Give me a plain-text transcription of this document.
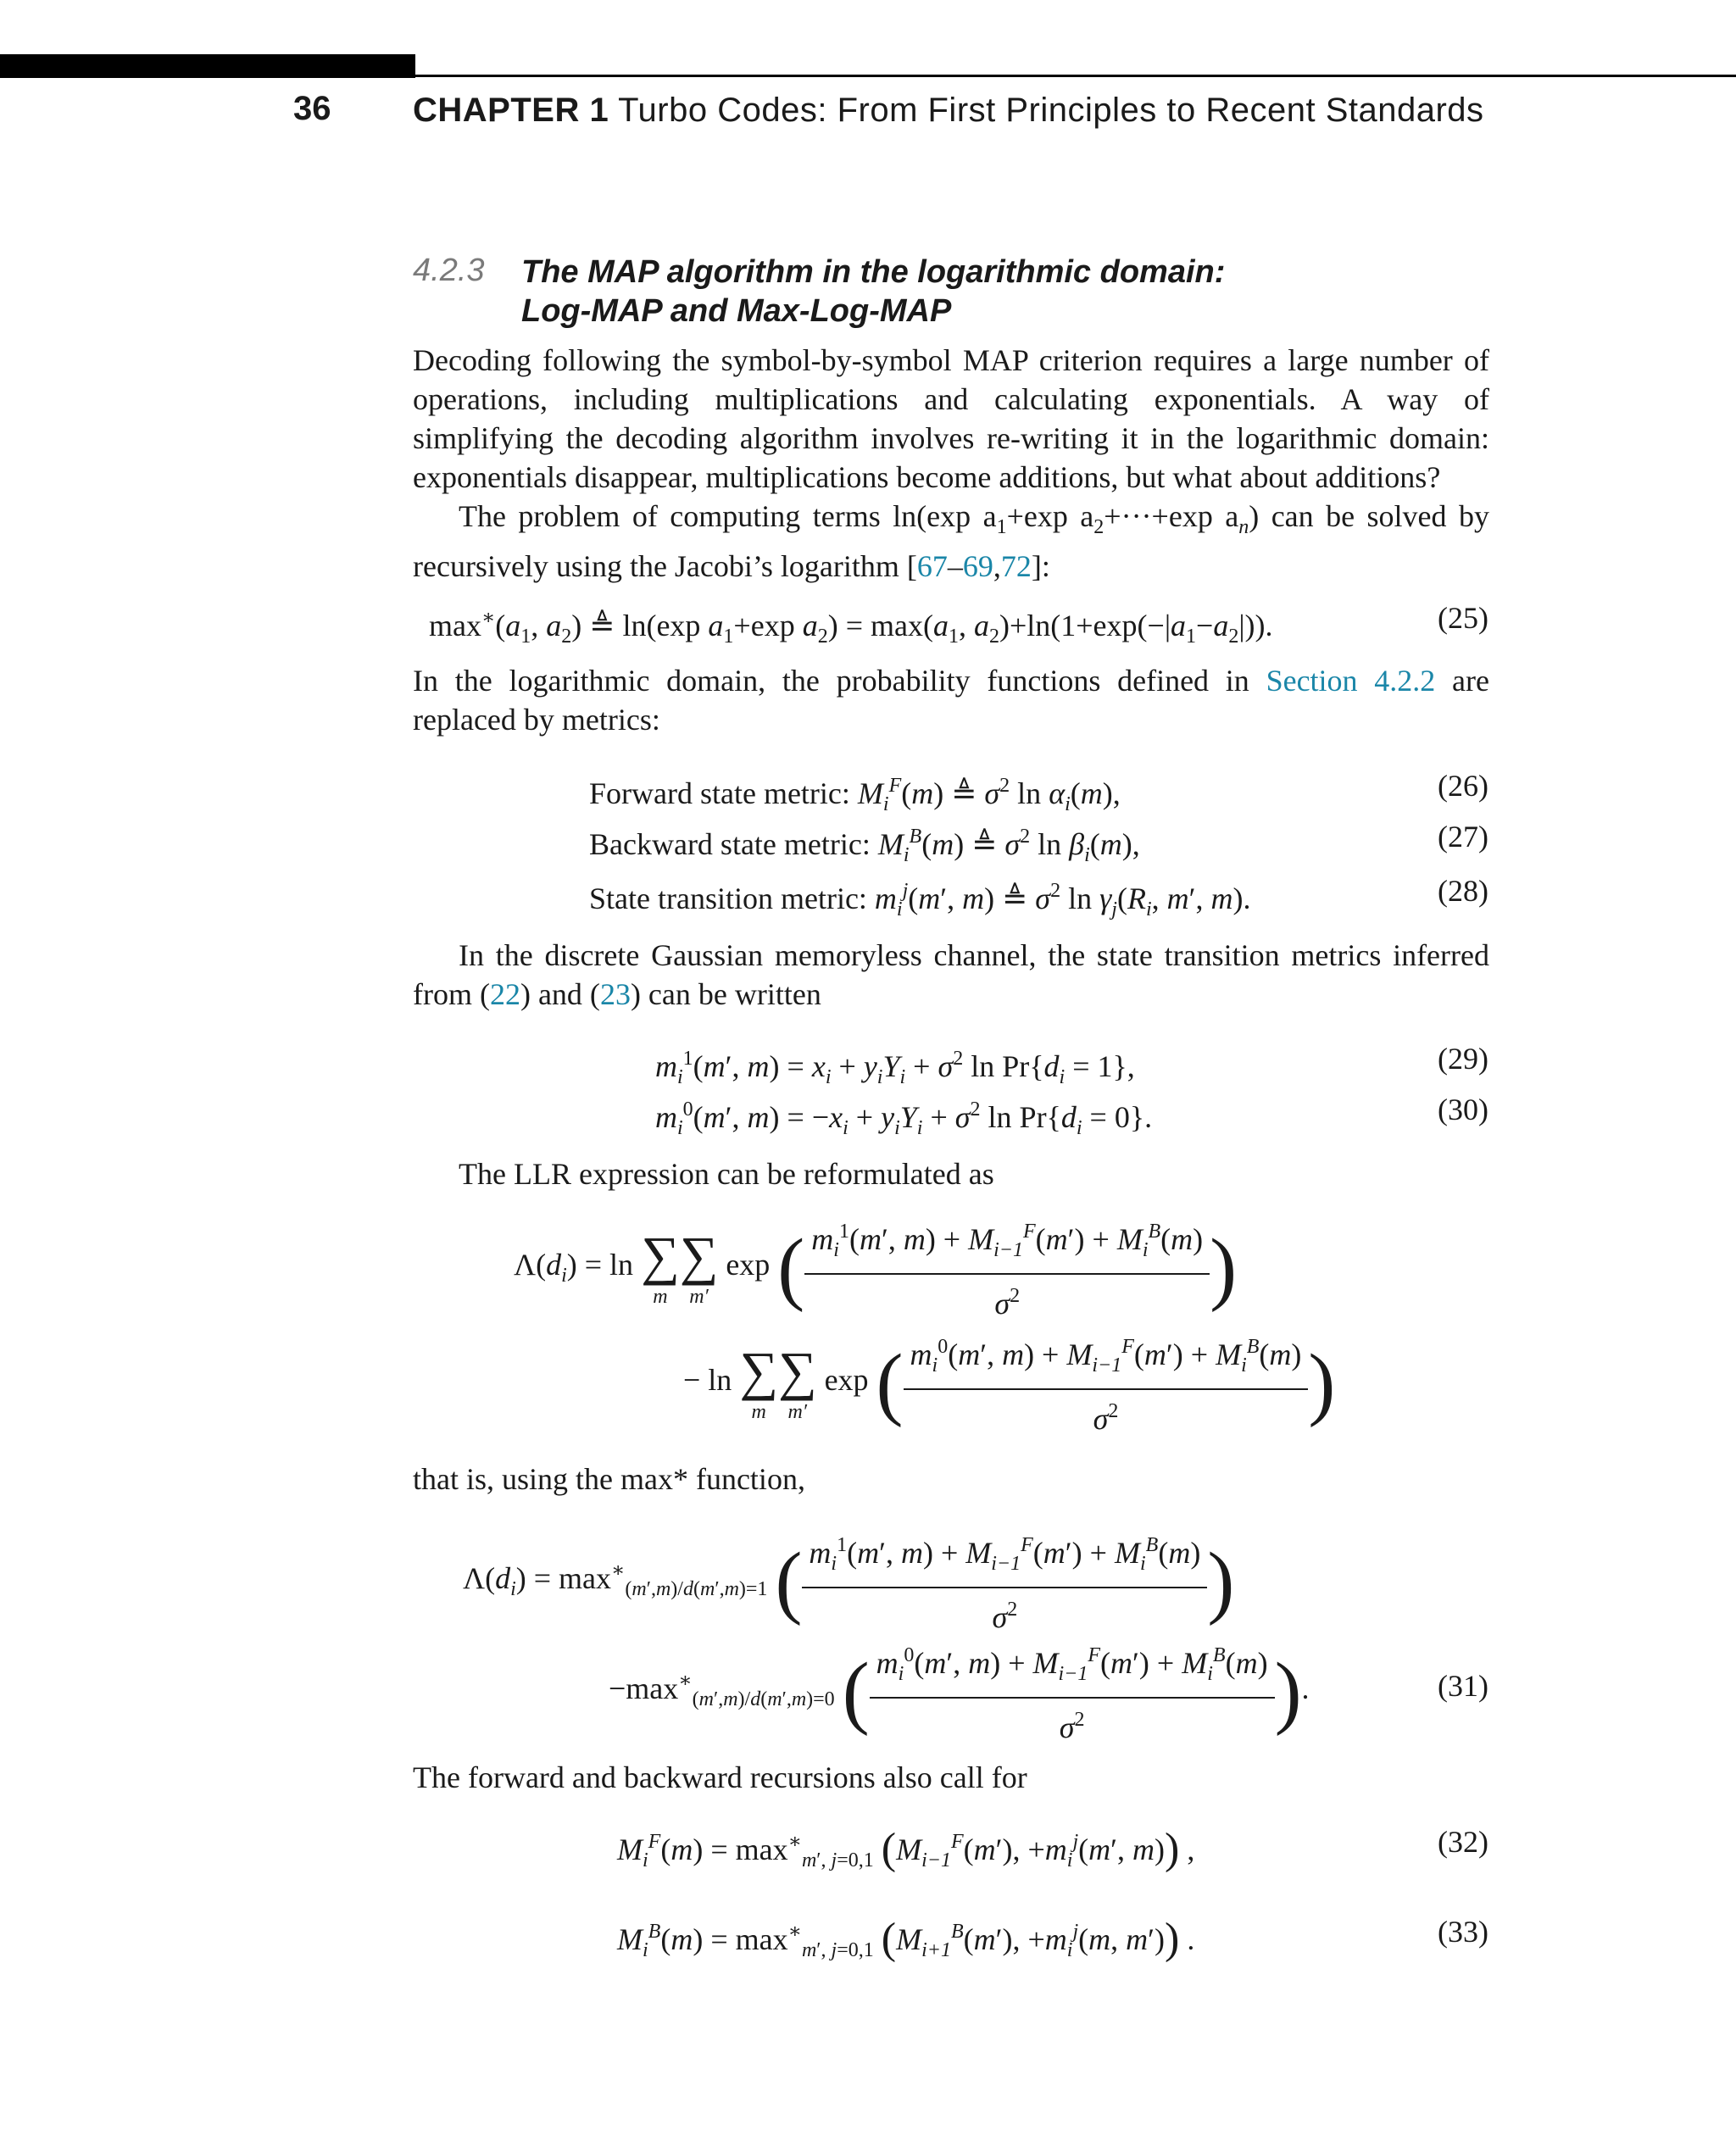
36 CHAPTER 1 Turbo Codes: From First Principles to Recent Standards
4.2.3 The MAP algorithm in the logarithmic domain:
Log-MAP and Max-Log-MAP

Decoding following the symbol-by-symbol MAP criterion requires a large number of operations, including multiplications and calculating exponentials. A way of simplifying the decoding algorithm involves re-writing it in the logarithmic domain: exponentials disappear, multiplications become additions, but what about additions?

The problem of computing terms ln(exp $a_1+\exp$ $a_2+\cdot\cdot\cdot+\exp$ $a_n$) can be solved by recursively using the Jacobi’s logarithm [67–69,72]:

$\max^∗(a_1$, $a_2$) ≜ ln(exp $a_1+\exp$ $a_2) = \max(a_1$, $a_2)+\ln(1+\exp(-|a_1-a_2|))$.	(25)

In the logarithmic domain, the probability functions defined in Section 4.2.2 are replaced by metrics:

Forward state metric: $M_i^F(m)$ ≜ $\sigma^2$ $\ln \alpha_i(m)$,	(26)
Backward state metric: $M_i^B(m)$ ≜ $\sigma^2$ $\ln \beta_i(m)$,	(27)
State transition metric: $m_i^j(m'$, m) ≜ $\sigma^2$ $\ln \gamma_j(R_i$, m′, m).	(28)

In the discrete Gaussian memoryless channel, the state transition metrics inferred from (22) and (23) can be written

$m_i^1(m'$, $m) = x_i + y_iY_i + \sigma^2$ $\ln Pr\{d_i = 1\}$,	(29)
$m_i^0(m'$, $m) = -x_i + y_iY_i + \sigma^2$ $\ln Pr\{d_i = 0\}$.	(30)

The LLR expression can be reformulated as

$\Lambda(d_i) = \ln$ ∑
m
∑
m′
exp ( $\frac{m_i^1(m', m) + M_{i-1}^F(m') + M_i^B(m)}{\sigma^2}$ )
− ln ∑
m
∑
m′
exp ( $\frac{m_i^0(m', m) + M_{i-1}^F(m') + M_i^B(m)}{\sigma^2}$ )

that is, using the max* function,

$\Lambda(d_i) = \max^∗_{(m',m)/d(m',m)=1}$ ( $\frac{m_i^1(m', m) + M_{i-1}^F(m') + M_i^B(m)}{\sigma^2}$ )
$-\max^∗_{(m',m)/d(m',m)=0}$ ( $\frac{m_i^0(m', m) + M_{i-1}^F(m') + M_i^B(m)}{\sigma^2}$ ).	(31)

The forward and backward recursions also call for

$M_i^F(m) = \max^∗_{m', j=0,1} (M_{i-1}^F(m')$, $+m_i^j(m'$, m)) ,	(32)
$M_i^B(m) = \max^∗_{m', j=0,1} (M_{i+1}^B(m')$, $+m_i^j(m$, m′)) .	(33)
